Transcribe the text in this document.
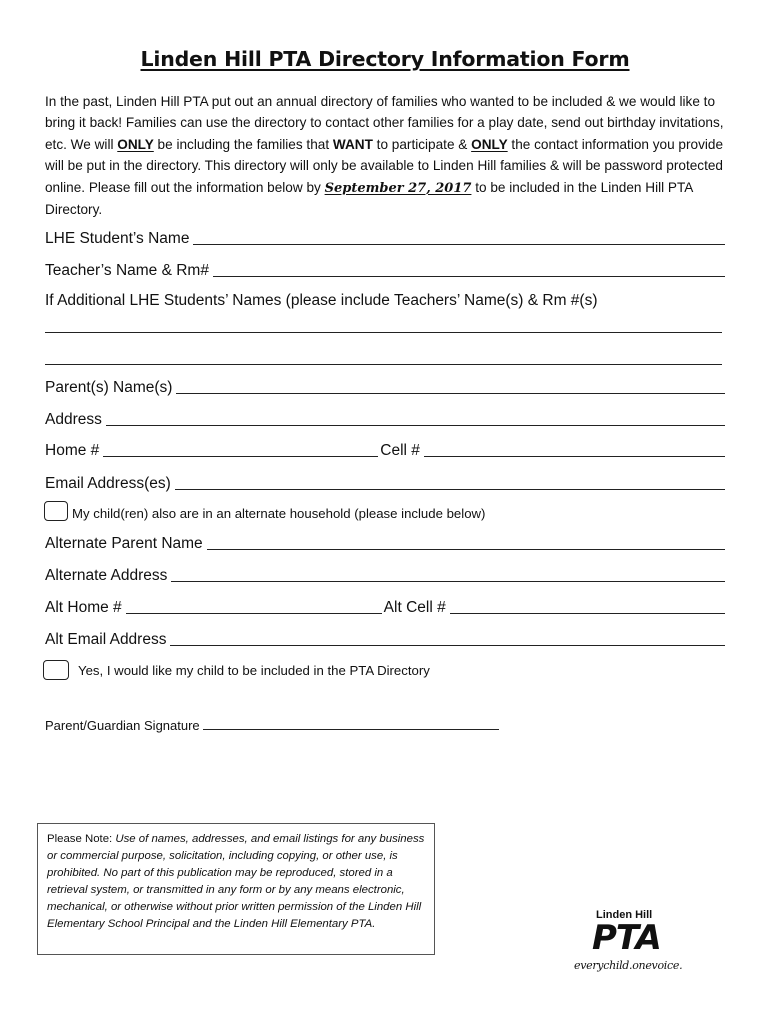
Linden Hill PTA Directory Information Form
In the past, Linden Hill PTA put out an annual directory of families who wanted to be included & we would like to bring it back! Families can use the directory to contact other families for a play date, send out birthday invitations, etc. We will ONLY be including the families that WANT to participate & ONLY the contact information you provide will be put in the directory. This directory will only be available to Linden Hill families & will be password protected online. Please fill out the information below by September 27, 2017 to be included in the Linden Hill PTA Directory.
LHE Student’s Name
Teacher’s Name & Rm#
If Additional LHE Students’ Names (please include Teachers’ Name(s) & Rm #(s)
Parent(s) Name(s)
Address
Home #	Cell #
Email Address(es)
My child(ren) also are in an alternate household (please include below)
Alternate Parent Name
Alternate Address
Alt Home #	Alt Cell #
Alt Email Address
Yes, I would like my child to be included in the PTA Directory
Parent/Guardian Signature
Please Note: Use of names, addresses, and email listings for any business or commercial purpose, solicitation, including copying, or other use, is prohibited. No part of this publication may be reproduced, stored in a retrieval system, or transmitted in any form or by any means electronic, mechanical, or otherwise without prior written permission of the Linden Hill Elementary School Principal and the Linden Hill Elementary PTA.
Linden Hill
PTA
everychild.onevoice.
